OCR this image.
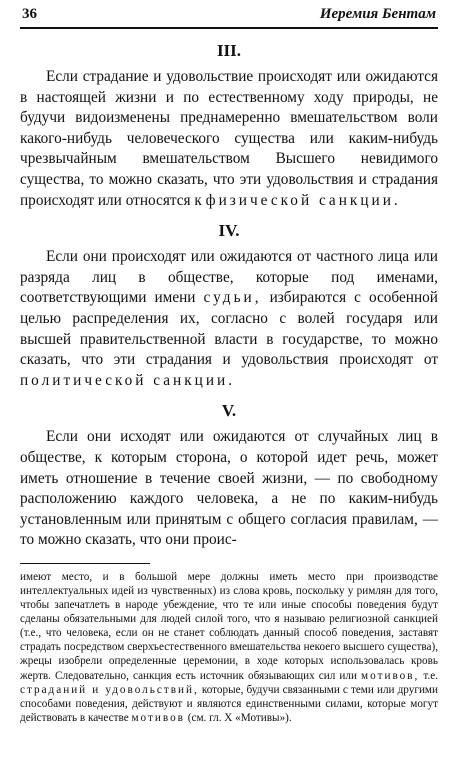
36	Иеремия Бентам
III.

Если страдание и удовольствие происходят или ожидаются в настоящей жизни и по естественному ходу природы, не будучи видоизменены преднамеренно вмешательством воли какого-нибудь человеческого существа или каким-нибудь чрезвычайным вмешательством Высшего невидимого существа, то можно сказать, что эти удовольствия и страдания происходят или относятся к физической санкции.

IV.

Если они происходят или ожидаются от частного лица или разряда лиц в обществе, которые под именами, соответствующими имени судьи, избираются с особенной целью распределения их, согласно с волей государя или высшей правительственной власти в государстве, то можно сказать, что эти страдания и удовольствия происходят от политической санкции.

V.

Если они исходят или ожидаются от случайных лиц в обществе, к которым сторона, о которой идет речь, может иметь отношение в течение своей жизни, — по свободному расположению каждого человека, а не по каким-нибудь установленным или принятым с общего согласия правилам, — то можно сказать, что они проис-

имеют место, и в большой мере должны иметь место при производстве интеллектуальных идей из чувственных) из слова кровь, поскольку у римлян для того, чтобы запечатлеть в народе убеждение, что те или иные способы поведения будут сделаны обязательными для людей силой того, что я называю религиозной санкцией (т.е., что человека, если он не станет соблюдать данный способ поведения, заставят страдать посредством сверхъестественного вмешательства некоего высшего существа), жрецы изобрели определенные церемонии, в ходе которых использовалась кровь жертв. Следовательно, санкция есть источник обязывающих сил или мотивов, т.е. страданий и удовольствий, которые, будучи связанными с теми или другими способами поведения, действуют и являются единственными силами, которые могут действовать в качестве мотивов (см. гл. X «Мотивы»).
